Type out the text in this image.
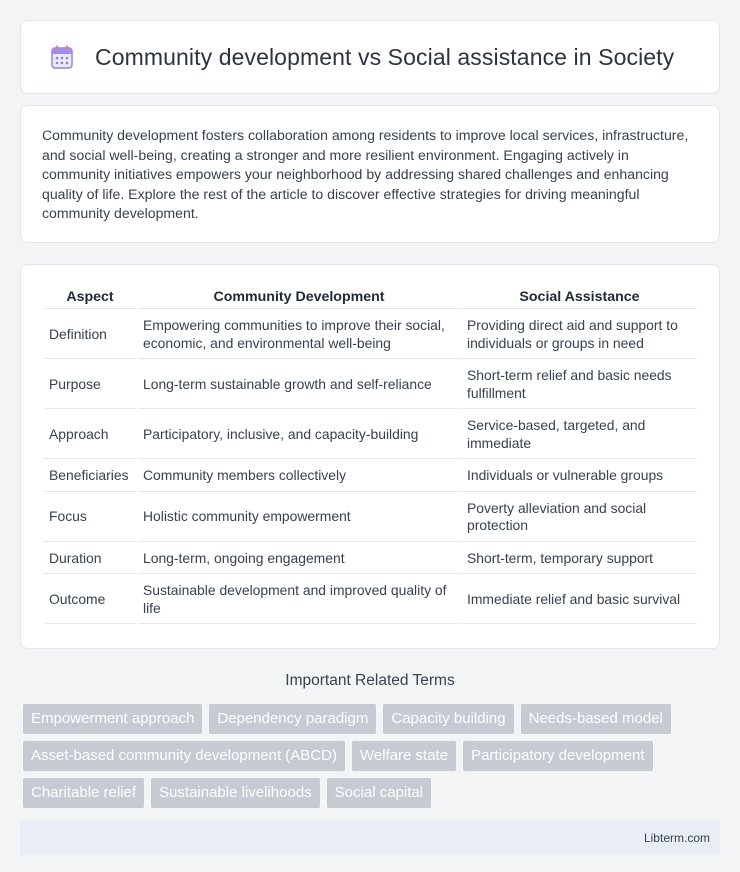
Community development vs Social assistance in Society

Community development fosters collaboration among residents to improve local services, infrastructure, and social well-being, creating a stronger and more resilient environment. Engaging actively in community initiatives empowers your neighborhood by addressing shared challenges and enhancing quality of life. Explore the rest of the article to discover effective strategies for driving meaningful community development.

Aspect	Community Development	Social Assistance
Definition	Empowering communities to improve their social, economic, and environmental well-being	Providing direct aid and support to individuals or groups in need
Purpose	Long-term sustainable growth and self-reliance	Short-term relief and basic needs fulfillment
Approach	Participatory, inclusive, and capacity-building	Service-based, targeted, and immediate
Beneficiaries	Community members collectively	Individuals or vulnerable groups
Focus	Holistic community empowerment	Poverty alleviation and social protection
Duration	Long-term, ongoing engagement	Short-term, temporary support
Outcome	Sustainable development and improved quality of life	Immediate relief and basic survival
Important Related Terms
Empowerment approach	Dependency paradigm	Capacity building	Needs-based model
Asset-based community development (ABCD)	Welfare state	Participatory development
Charitable relief	Sustainable livelihoods	Social capital
Libterm.com
